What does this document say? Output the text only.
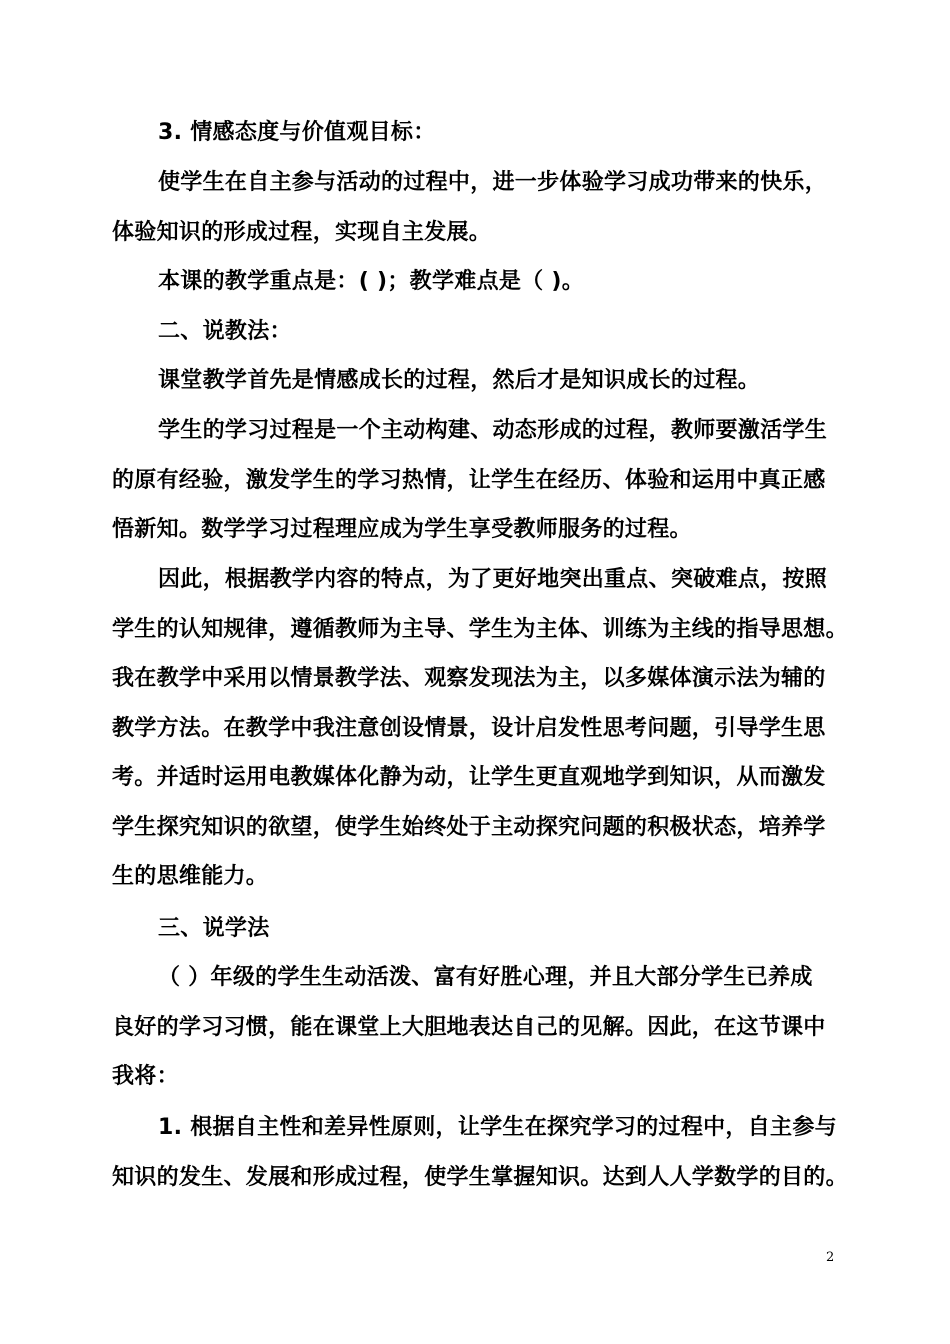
3. 情感态度与价值观目标：

使学生在自主参与活动的过程中，进一步体验学习成功带来的快乐，
体验知识的形成过程，实现自主发展。

本课的教学重点是：( )；教学难点是（ )。

二、说教法：

课堂教学首先是情感成长的过程，然后才是知识成长的过程。

学生的学习过程是一个主动构建、动态形成的过程，教师要激活学生
的原有经验，激发学生的学习热情，让学生在经历、体验和运用中真正感
悟新知。数学学习过程理应成为学生享受教师服务的过程。

因此，根据教学内容的特点，为了更好地突出重点、突破难点，按照
学生的认知规律，遵循教师为主导、学生为主体、训练为主线的指导思想。
我在教学中采用以情景教学法、观察发现法为主，以多媒体演示法为辅的
教学方法。在教学中我注意创设情景，设计启发性思考问题，引导学生思
考。并适时运用电教媒体化静为动，让学生更直观地学到知识，从而激发
学生探究知识的欲望，使学生始终处于主动探究问题的积极状态，培养学
生的思维能力。

三、说学法

（ ）年级的学生生动活泼、富有好胜心理，并且大部分学生已养成
良好的学习习惯，能在课堂上大胆地表达自己的见解。因此，在这节课中
我将：

1. 根据自主性和差异性原则，让学生在探究学习的过程中，自主参与
知识的发生、发展和形成过程，使学生掌握知识。达到人人学数学的目的。

2
